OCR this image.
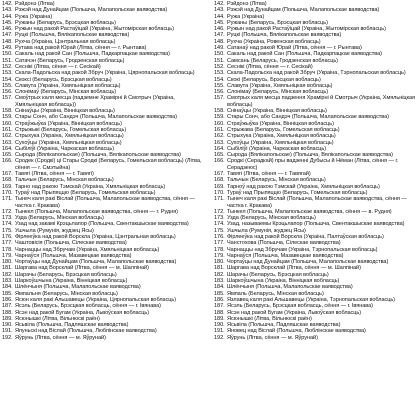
142. Рэйдонэ (Літва)
143. Рэжэй над Дунайцам (Польшча, Малапольскае ваяводства)
144. Ружа (Украіна)
145. Ружаны (Беларусь, Брэсцкая вобласць)
146. Ружын над ракой Растаўіцай (Украіна, Жытомірская вобласць)
147. Руцкі (Польшча, Вялікапольскае ваяводства)
148. Рухча (Украіна, Цэнтральная вобласць)
149. Рутава над ракой Юрай (Літва, сёння — г. Рынтава)
150. Сакаль над ракой Сан (Польшча, Падкарпацкае ваяводства)
151. Сатачэн (Беларусь, Гродзенская вобласць)
152. Сеснікі (Літва, сёння — г. Сесікай)
153. Скала-Падольска над ракой Збруч (Украіна, Цярнопальская вобласць)
154. Скоксі (Беларусь, Брэсцкая вобласць)
155. Славута (Украіна, Хмяльніцкая вобласць)
156. Слонімаў (Беларусь, Мінская вобласць)
157. Смоўтрых каля месца (падземне Храмірні й Смотрыч (Украіна, Хмяльніцкая вобласць))
158. Снінаўцы (Украіна, Вінніцкая вобласць)
159. Стары Сонч, або Сандэч (Польшча, Малапольскае ваяводства)
160. Страўжыўка (Украіна, Вінніцкая вобласць)
161. Стрыжыкі (Беларусь, Гомельская вобласць)
162. Стрыхука (Украіна, Хмяльніцкая вобласць)
163. Сухоўцы (Украіна, Хмяльніцкая вобласць)
164. Сыбіліўі (Украіна, Чаркаская вобласць)
165. Сырода (Вялікапольскае) (Польшча, Вялікапольскае ваяводства)
166. Сродек (Сродкі) ці Стары Сродкі (Беларусь, Гомельская вобласць) (Літва, сёння — г. Смэтыйна)
167. Тавягі (Літва, сёння — г. Тавягі)
168. Тальчын (Беларусь, Мінская вобласць)
169. Тарно над ракою Тэмскай (Украіна, Хмяльніцкая вобласць)
170. Тураў над Прыпяццю (Беларусь, Гомельская вобласць)
171. Тынеч каля ракі Віслай (Польшча, Малапольскае ваяводства, сёння — частка г. Кракава)
172. Тынкел (Польшча, Малапольскае ваяводства, сёння — г. Рудня)
173. Узда (Беларусь, Мінская вобласць)
174. Узад над закамі Крэцьлапор (Польшча, Свентакшыскае ваяводства)
175. Ушчыла (Румунія, жудзец Ясы)
176. Фірлееўка над ракой Ворскла (Украіна, Цэнтральная вобласць)
177. Чаштовісія (Польшча, Сілескае ваяводства)
178. Чарнаццы над Збручам (Украіна, Хмяльніцкая вобласць)
179. Чарнаўся (Польшча, Мазавецкае ваяводства)
180. Чортаўцы над Дунайцам (Польшча, Малапольскае ваяводства)
181. Шаргава над Ворсклай (Літва, сёння — м. Шалпінай)
182. Шарачы (Беларусь, Брэсцкая вобласць)
183. Шаркоўшчына (Украіна, Вінніцкая вобласць)
184. Шлёнчыня (Польшча, Малапольскае ваяводства)
185. Ямпальня (Беларусь, Мінская вобласць)
186. Ясюн каля ракі Альшавецы (Украіна, Цярнопальская вобласць)
187. Ясэль (Беларусь, Брэсцкая вобласць, сёння — г. Івянава)
188. Ясэн над ракой Бугам (Украіна, Львоўская вобласць)
189. Ясюнышкі (Літва, Вільнюскі раён)
190. Ясьвіла (Польшча, Падляшскае ваяводства)
191. Япуньскі над Віслай (Польшча, Люблінскае ваяводства)
192. Яўрунь (Літва, сёння — м. Яўрунай)
142. Рэйдонэ (Літва)
143. Рэжэй над Дунайцам (Польшча, Малапольскае ваяводства)
144. Ружа (Украіна)
145. Ружаны (Беларусь, Брэсцкая вобласць)
146. Ружын над ракой Растаўіцай (Украіна, Жытомірская вобласць)
147. Руцкі (Польшча, Вялікапольскае ваяводства)
148. Рухча (Украіна, Ровенская вобласць)
149. Сатанаў над ракой Юрай (Літва, сёння — г. Рынтава)
150. Сакаль над ракой Сан (Польшча, Падкарпацкае ваяводства)
151. Самсань (Беларусь, Гродзенская вобласць)
152. Сеснікі (Літва, сёння — г. Сесікай)
153. Скала-Падольска над ракой Збруч (Украіна, Тэрнопальская вобласць)
154. Скокі (Беларусь, Брэсцкая вобласць)
155. Славута (Украіна, Хмяльніцкая вобласць)
156. Слонімаў (Беларусь, Мінская вобласць)
157. Смотрых каля месца падзення Храмірні й Смотрыч (Украіна, Хмяльніцкая вобласць)
158. Снінаўцы (Украіна, Вінніцкая вобласць)
159. Стары Сонч, або Сандэч (Польшча, Малапольскае ваяводства)
160. Страўжыўка (Украіна, Вінніцкая вобласць)
161. Стрыжава (Беларусь, Гомельская вобласць)
162. Стрыхука (Украіна, Хмяльніцкая вобласць)
163. Сухоўцы (Украіна, Хмяльніцкая вобласць)
164. Сыбіліўі (Украіна, Чаркаская вобласць)
165. Сырода (Вялікапольскае) (Польшча, Вялікапольскае ваяводства)
166. Сродкі (Серадкай) пры вадзенні Дубысы й Нёман (Літва, сёння — г. Серадзеюс)
167. Тавягі (Літва, сёння — г. Тавягай)
168. Тальчын (Беларусь, Мінская вобласць)
169. Тарноў над ракою Тэмскай (Украіна, Хмяльніцкая вобласць)
170. Тураў над Прыпяццю (Беларусь, Гомельская вобласць)
171. Тынеч каля ракі Віслай (Польшча, Малапольскае ваяводства, сёння — частка г. Кракава)
172. Тынкел (Польшча, Малапольскае ваяводства, сёння — в. Рудня)
173. Узда (Беларусь, Мінская вобласць)
174. Узад, называемы Крэцьлапор (Польшча, Свентакшыскае ваяводства)
175. Ушчыла (Румунія, жудзец Ясы)
176. Фірлееўка над ракой Ворскла (Украіна, Палтаўская вобласць)
177. Чанстохова (Польшча, Сілескае ваяводства)
178. Чарнаццы над Збручам (Украіна, Тэрнопальская вобласць)
179. Чарнаўся (Польшча, Мазавецкае ваяводства)
180. Чортаўцы над Дунайцам (Польшча, Малапольскае ваяводства)
181. Шаргава над Ворсклай (Літва, сёння — м. Шалпінай)
182. Шарачы (Беларусь, Брэсцкая вобласць)
183. Шаркоўшчына (Украіна, Вінніцкая вобласць)
184. Шлёнчыня (Польшча, Малапольскае ваяводства)
185. Ямпаль (Беларусь, Мінская вобласць)
186. Язлавец каля ракі Альшавецы (Украіна, Тэрнопальская вобласць)
187. Ясэль (Беларусь, Брэсцкая вобласць, сёння — г. Івянава)
188. Ясэн над ракой Бугам (Украіна, Львоўская вобласць)
189. Ясюнышкі (Літва, Вільнюскі раён)
190. Ясьвіла (Польшча, Падляшскае ваяводства)
191. Яновец над Віслай (Польшча, Люблінскае ваяводства)
192. Яўрунь (Літва, сёння — м. Яўрунай)
